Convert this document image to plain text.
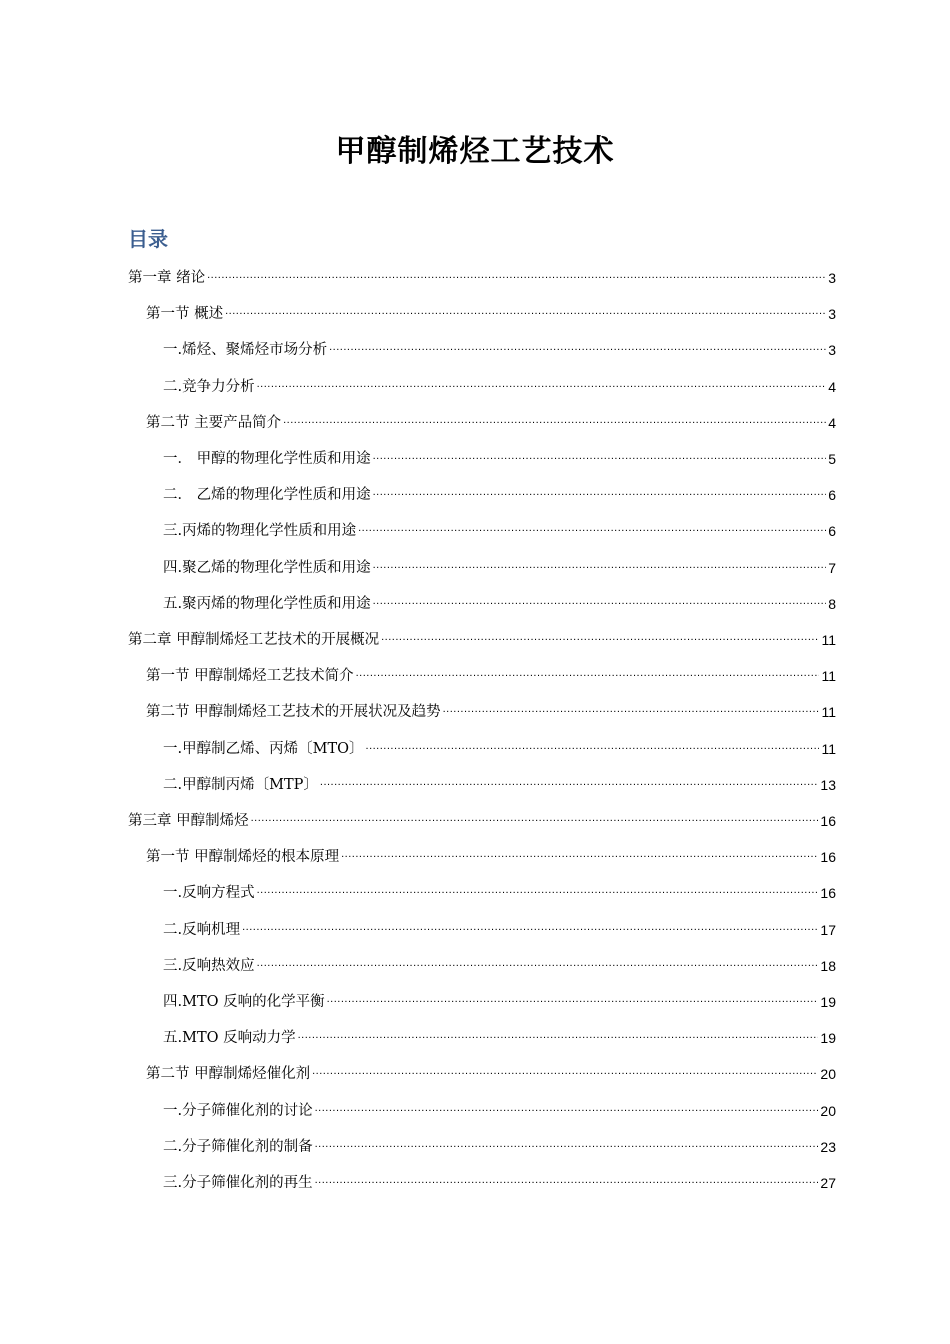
甲醇制烯烃工艺技术
目录
第一章 绪论 .....	3
第一节 概述 .....	3
一.烯烃、聚烯烃市场分析 .....	3
二.竞争力分析 .....	4
第二节 主要产品简介 .....	4
一． 甲醇的物理化学性质和用途 .....	5
二． 乙烯的物理化学性质和用途 .....	6
三.丙烯的物理化学性质和用途 .....	6
四.聚乙烯的物理化学性质和用途 .....	7
五.聚丙烯的物理化学性质和用途 .....	8
第二章 甲醇制烯烃工艺技术的开展概况 .....	11
第一节 甲醇制烯烃工艺技术简介 .....	11
第二节 甲醇制烯烃工艺技术的开展状况及趋势 .....	11
一.甲醇制乙烯、丙烯〔MTO〕 .....	11
二.甲醇制丙烯〔MTP〕 .....	13
第三章 甲醇制烯烃 .....	16
第一节 甲醇制烯烃的根本原理 .....	16
一.反响方程式 .....	16
二.反响机理 .....	17
三.反响热效应 .....	18
四.MTO 反响的化学平衡 .....	19
五.MTO 反响动力学 .....	19
第二节 甲醇制烯烃催化剂 .....	20
一.分子筛催化剂的讨论 .....	20
二.分子筛催化剂的制备 .....	23
三.分子筛催化剂的再生 .....	27
